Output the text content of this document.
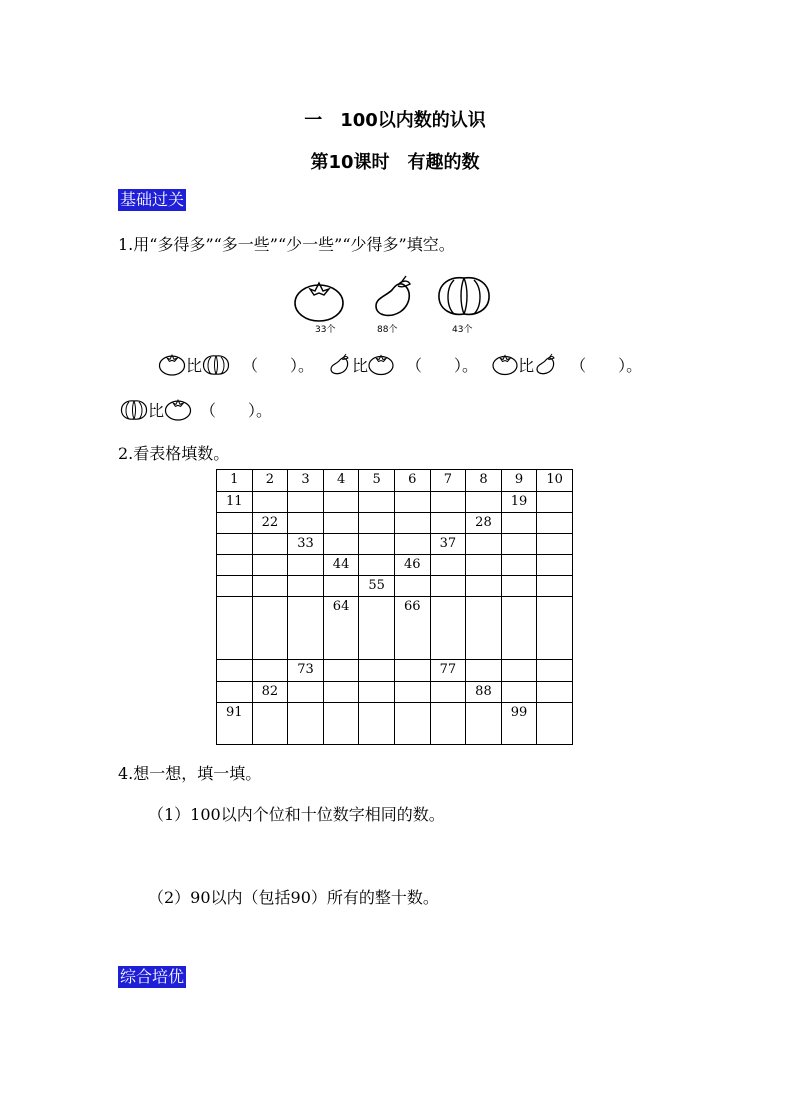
一　100以内数的认识
第10课时　有趣的数
基础过关
1.用“多得多”“多一些”“少一些”“少得多”填空。
33个	88个	43个
比	（　　）。 比 （　　）。	比 （　　）。
比 （　　）。
2.看表格填数。
1	2	3	4	5	6	7	8	9	10
11								19	
	22						28		
		33				37			
			44		46				
				55					
			64		66				
		73				77			
	82						88		
91								99	
4.想一想，填一填。
（1）100以内个位和十位数字相同的数。
（2）90以内（包括90）所有的整十数。
综合培优
